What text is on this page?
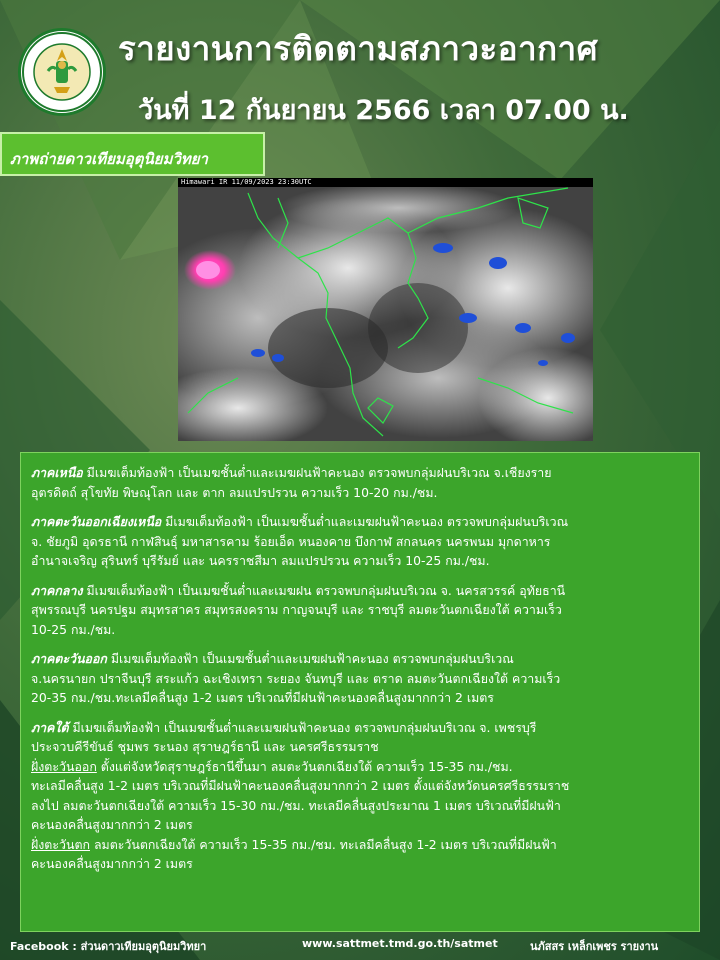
รายงานการติดตามสภาวะอากาศ
วันที่ 12 กันยายน 2566 เวลา 07.00 น.
ภาพถ่ายดาวเทียมอุตุนิยมวิทยา
Himawari IR 11/09/2023 23:30UTC
ภาคเหนือ มีเมฆเต็มท้องฟ้า เป็นเมฆชั้นต่ำและเมฆฝนฟ้าคะนอง ตรวจพบกลุ่มฝนบริเวณ จ.เชียงราย
อุตรดิตถ์ สุโขทัย พิษณุโลก และ ตาก ลมแปรปรวน ความเร็ว 10-20 กม./ชม.
ภาคตะวันออกเฉียงเหนือ มีเมฆเต็มท้องฟ้า เป็นเมฆชั้นต่ำและเมฆฝนฟ้าคะนอง ตรวจพบกลุ่มฝนบริเวณ
จ. ชัยภูมิ อุดรธานี กาฬสินธุ์ มหาสารคาม ร้อยเอ็ด หนองคาย บึงกาฬ สกลนคร นครพนม มุกดาหาร
อำนาจเจริญ สุรินทร์ บุรีรัมย์ และ นครราชสีมา ลมแปรปรวน ความเร็ว 10-25 กม./ชม.
ภาคกลาง มีเมฆเต็มท้องฟ้า เป็นเมฆชั้นต่ำและเมฆฝน ตรวจพบกลุ่มฝนบริเวณ จ. นครสวรรค์ อุทัยธานี
สุพรรณบุรี นครปฐม สมุทรสาคร สมุทรสงคราม กาญจนบุรี และ ราชบุรี ลมตะวันตกเฉียงใต้ ความเร็ว
10-25 กม./ชม.
ภาคตะวันออก มีเมฆเต็มท้องฟ้า เป็นเมฆชั้นต่ำและเมฆฝนฟ้าคะนอง ตรวจพบกลุ่มฝนบริเวณ
จ.นครนายก ปราจีนบุรี สระแก้ว ฉะเชิงเทรา ระยอง จันทบุรี และ ตราด ลมตะวันตกเฉียงใต้ ความเร็ว
20-35 กม./ชม.ทะเลมีคลื่นสูง 1-2 เมตร บริเวณที่มีฝนฟ้าคะนองคลื่นสูงมากกว่า 2 เมตร
ภาคใต้ มีเมฆเต็มท้องฟ้า เป็นเมฆชั้นต่ำและเมฆฝนฟ้าคะนอง ตรวจพบกลุ่มฝนบริเวณ จ. เพชรบุรี
ประจวบคีรีขันธ์ ชุมพร ระนอง สุราษฎร์ธานี และ นครศรีธรรมราช
ฝั่งตะวันออก ตั้งแต่จังหวัดสุราษฎร์ธานีขึ้นมา ลมตะวันตกเฉียงใต้ ความเร็ว 15-35 กม./ชม.
ทะเลมีคลื่นสูง 1-2 เมตร บริเวณที่มีฝนฟ้าคะนองคลื่นสูงมากกว่า 2 เมตร ตั้งแต่จังหวัดนครศรีธรรมราช
ลงไป ลมตะวันตกเฉียงใต้ ความเร็ว 15-30 กม./ชม. ทะเลมีคลื่นสูงประมาณ 1 เมตร บริเวณที่มีฝนฟ้า
คะนองคลื่นสูงมากกว่า 2 เมตร
ฝั่งตะวันตก ลมตะวันตกเฉียงใต้ ความเร็ว 15-35 กม./ชม. ทะเลมีคลื่นสูง 1-2 เมตร บริเวณที่มีฝนฟ้า
คะนองคลื่นสูงมากกว่า 2 เมตร
Facebook : ส่วนดาวเทียมอุตุนิยมวิทยา	www.sattmet.tmd.go.th/satmet	นภัสสร เหล็กเพชร รายงาน
